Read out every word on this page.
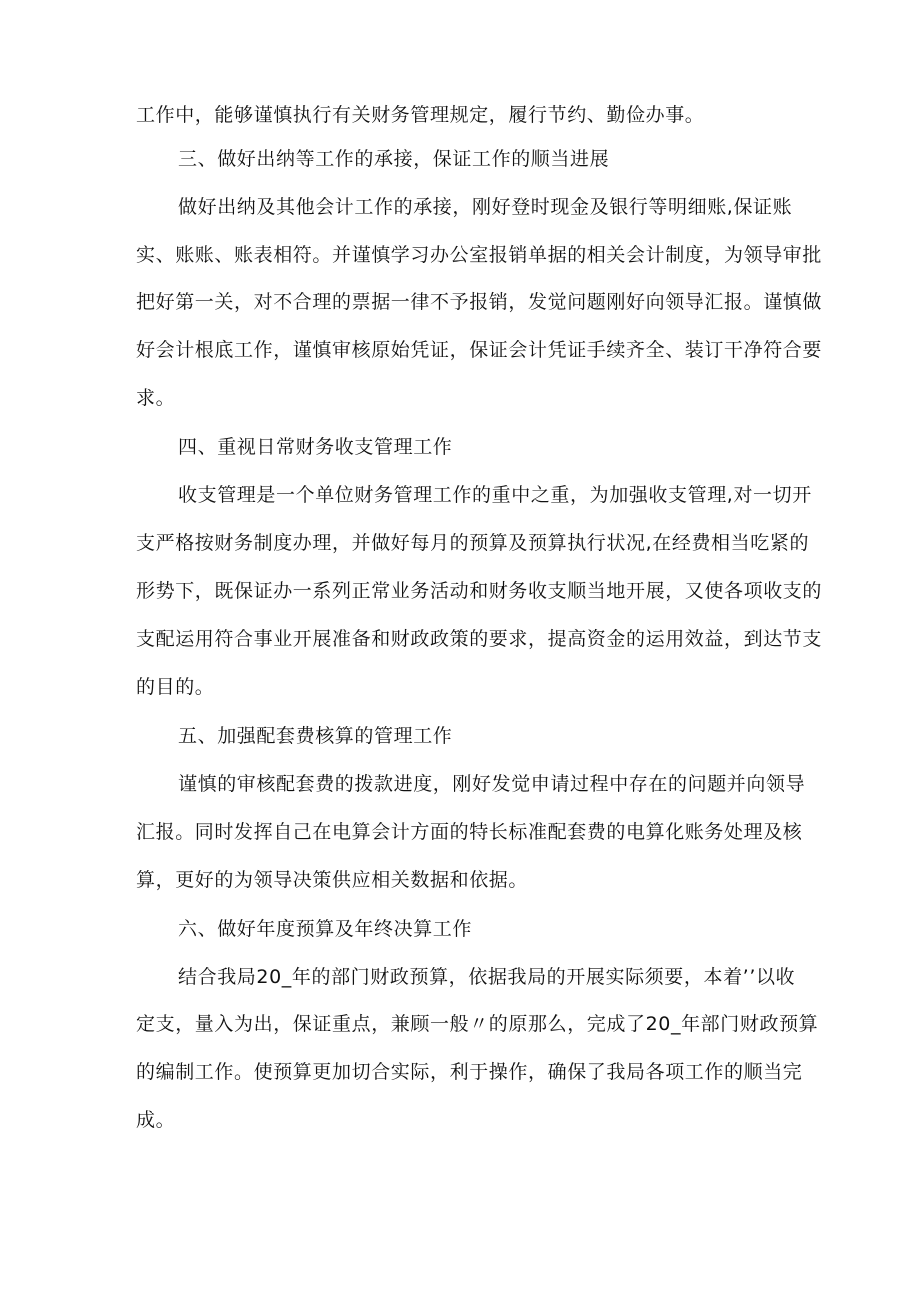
工作中，能够谨慎执行有关财务管理规定，履行节约、勤俭办事。
三、做好出纳等工作的承接，保证工作的顺当进展
做好出纳及其他会计工作的承接，刚好登时现金及银行等明细账,保证账
实、账账、账表相符。并谨慎学习办公室报销单据的相关会计制度，为领导审批
把好第一关，对不合理的票据一律不予报销，发觉问题刚好向领导汇报。谨慎做
好会计根底工作，谨慎审核原始凭证，保证会计凭证手续齐全、装订干净符合要
求。
四、重视日常财务收支管理工作
收支管理是一个单位财务管理工作的重中之重，为加强收支管理,对一切开
支严格按财务制度办理，并做好每月的预算及预算执行状况,在经费相当吃紧的
形势下，既保证办一系列正常业务活动和财务收支顺当地开展，又使各项收支的
支配运用符合事业开展准备和财政政策的要求，提高资金的运用效益，到达节支
的目的。
五、加强配套费核算的管理工作
谨慎的审核配套费的拨款进度，刚好发觉申请过程中存在的问题并向领导
汇报。同时发挥自己在电算会计方面的特长标准配套费的电算化账务处理及核
算，更好的为领导决策供应相关数据和依据。
六、做好年度预算及年终决算工作
结合我局20_年的部门财政预算，依据我局的开展实际须要，本着’’以收
定支，量入为出，保证重点，兼顾一般〃的原那么，完成了20_年部门财政预算
的编制工作。使预算更加切合实际，利于操作，确保了我局各项工作的顺当完
成。
